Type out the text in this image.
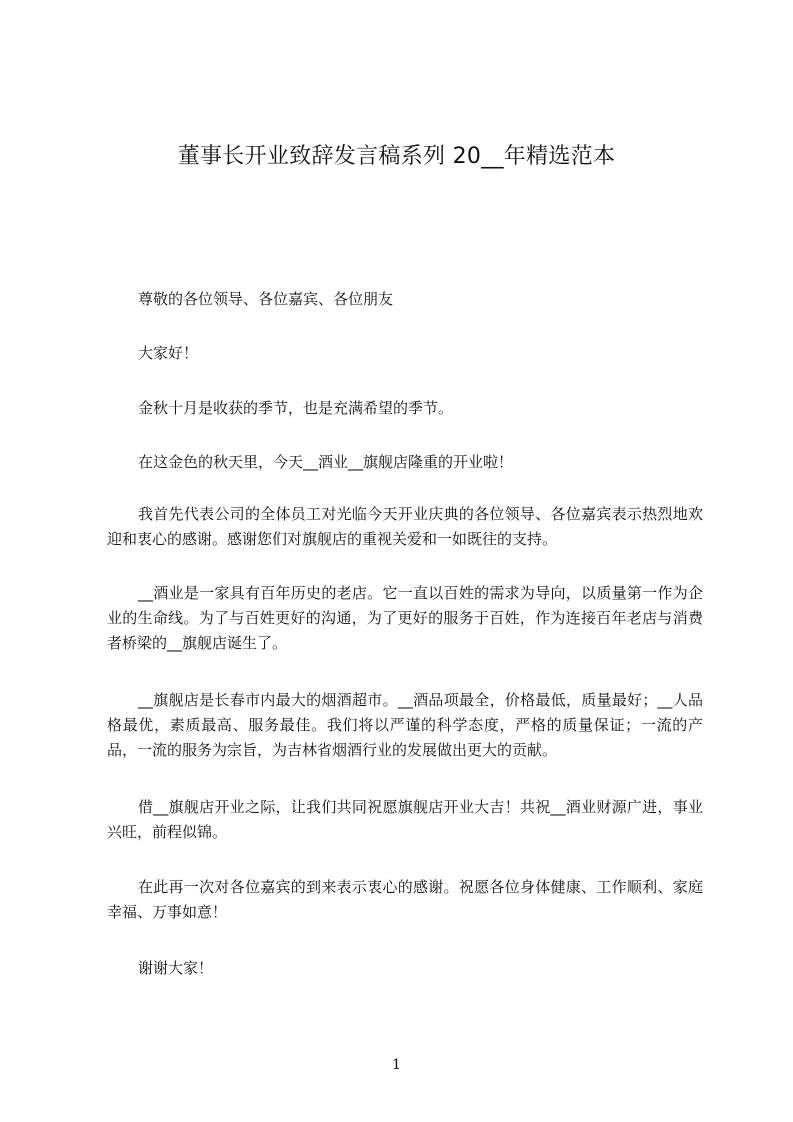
董事长开业致辞发言稿系列 20__年精选范本

尊敬的各位领导、各位嘉宾、各位朋友

大家好！

金秋十月是收获的季节，也是充满希望的季节。

在这金色的秋天里，今天__酒业__旗舰店隆重的开业啦！

我首先代表公司的全体员工对光临今天开业庆典的各位领导、各位嘉宾表示热烈地欢迎和衷心的感谢。感谢您们对旗舰店的重视关爱和一如既往的支持。

__酒业是一家具有百年历史的老店。它一直以百姓的需求为导向，以质量第一作为企业的生命线。为了与百姓更好的沟通，为了更好的服务于百姓，作为连接百年老店与消费者桥梁的__旗舰店诞生了。

__旗舰店是长春市内最大的烟酒超市。__酒品项最全，价格最低，质量最好；__人品格最优，素质最高、服务最佳。我们将以严谨的科学态度，严格的质量保证；一流的产品，一流的服务为宗旨，为吉林省烟酒行业的发展做出更大的贡献。

借__旗舰店开业之际，让我们共同祝愿旗舰店开业大吉！共祝__酒业财源广进，事业兴旺，前程似锦。

在此再一次对各位嘉宾的到来表示衷心的感谢。祝愿各位身体健康、工作顺利、家庭幸福、万事如意！

谢谢大家！

1
